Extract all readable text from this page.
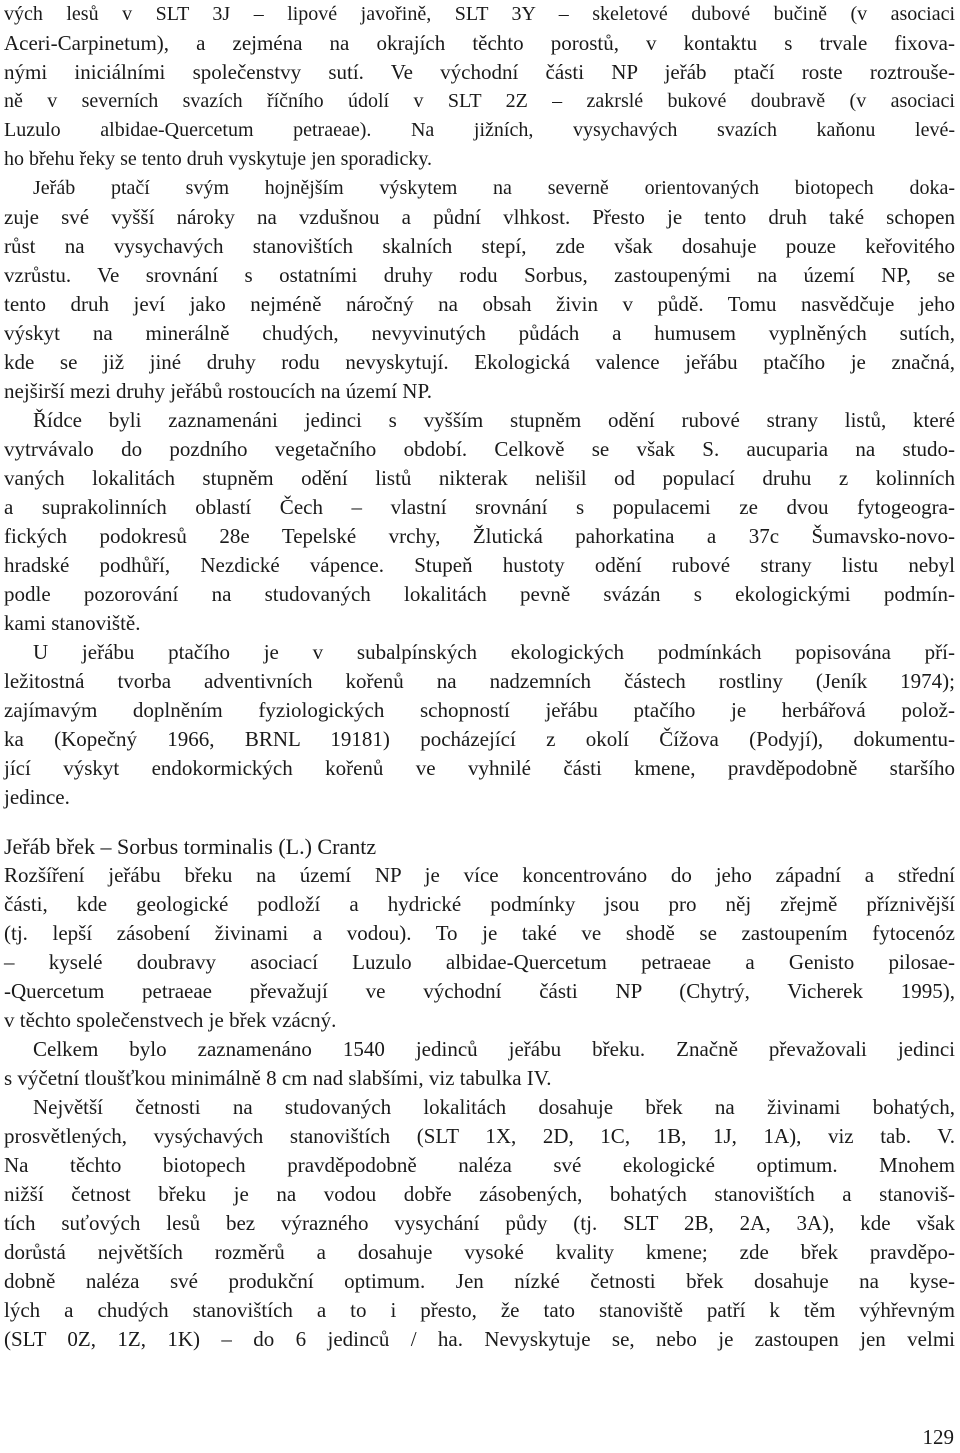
vých lesů v SLT 3J – lipové javořině, SLT 3Y – skeletové dubové bučině (v asociaci
Aceri-Carpinetum), a zejména na okrajích těchto porostů, v kontaktu s trvale fixova-
nými iniciálními společenstvy sutí. Ve východní části NP jeřáb ptačí roste roztrouše-
ně v severních svazích říčního údolí v SLT 2Z – zakrslé bukové doubravě (v asociaci
Luzulo albidae-Quercetum petraeae). Na jižních, vysychavých svazích kaňonu levé-
ho břehu řeky se tento druh vyskytuje jen sporadicky.
Jeřáb ptačí svým hojnějším výskytem na severně orientovaných biotopech doka-
zuje své vyšší nároky na vzdušnou a půdní vlhkost. Přesto je tento druh také schopen
růst na vysychavých stanovištích skalních stepí, zde však dosahuje pouze keřovitého
vzrůstu. Ve srovnání s ostatními druhy rodu Sorbus, zastoupenými na území NP, se
tento druh jeví jako nejméně náročný na obsah živin v půdě. Tomu nasvědčuje jeho
výskyt na minerálně chudých, nevyvinutých půdách a humusem vyplněných sutích,
kde se již jiné druhy rodu nevyskytují. Ekologická valence jeřábu ptačího je značná,
nejširší mezi druhy jeřábů rostoucích na území NP.
Řídce byli zaznamenáni jedinci s vyšším stupněm odění rubové strany listů, které
vytrvávalo do pozdního vegetačního období. Celkově se však S. aucuparia na studo-
vaných lokalitách stupněm odění listů nikterak nelišil od populací druhu z kolinních
a suprakolinních oblastí Čech – vlastní srovnání s populacemi ze dvou fytogeogra-
fických podokresů 28e Tepelské vrchy, Žlutická pahorkatina a 37c Šumavsko-novo-
hradské podhůří, Nezdické vápence. Stupeň hustoty odění rubové strany listu nebyl
podle pozorování na studovaných lokalitách pevně svázán s ekologickými podmín-
kami stanoviště.
U jeřábu ptačího je v subalpínských ekologických podmínkách popisována pří-
ležitostná tvorba adventivních kořenů na nadzemních částech rostliny (Jeník 1974);
zajímavým doplněním fyziologických schopností jeřábu ptačího je herbářová polož-
ka (Kopečný 1966, BRNL 19181) pocházející z okolí Čížova (Podyjí), dokumentu-
jící výskyt endokormických kořenů ve vyhnilé části kmene, pravděpodobně staršího
jedince.
Jeřáb břek – Sorbus torminalis (L.) Crantz
Rozšíření jeřábu břeku na území NP je více koncentrováno do jeho západní a střední
části, kde geologické podloží a hydrické podmínky jsou pro něj zřejmě příznivější
(tj. lepší zásobení živinami a vodou). To je také ve shodě se zastoupením fytocenóz
– kyselé doubravy asociací Luzulo albidae-Quercetum petraeae a Genisto pilosae-
-Quercetum petraeae převažují ve východní části NP (Chytrý, Vicherek 1995),
v těchto společenstvech je břek vzácný.
Celkem bylo zaznamenáno 1540 jedinců jeřábu břeku. Značně převažovali jedinci
s výčetní tloušťkou minimálně 8 cm nad slabšími, viz tabulka IV.
Největší četnosti na studovaných lokalitách dosahuje břek na živinami bohatých,
prosvětlených, vysýchavých stanovištích (SLT 1X, 2D, 1C, 1B, 1J, 1A), viz tab. V.
Na těchto biotopech pravděpodobně naléza své ekologické optimum. Mnohem
nižší četnost břeku je na vodou dobře zásobených, bohatých stanovištích a stanoviš-
tích suťových lesů bez výrazného vysychání půdy (tj. SLT 2B, 2A, 3A), kde však
dorůstá největších rozměrů a dosahuje vysoké kvality kmene; zde břek pravděpo-
dobně naléza své produkční optimum. Jen nízké četnosti břek dosahuje na kyse-
lých a chudých stanovištích a to i přesto, že tato stanoviště patří k těm výhřevným
(SLT 0Z, 1Z, 1K) – do 6 jedinců / ha. Nevyskytuje se, nebo je zastoupen jen velmi
129
